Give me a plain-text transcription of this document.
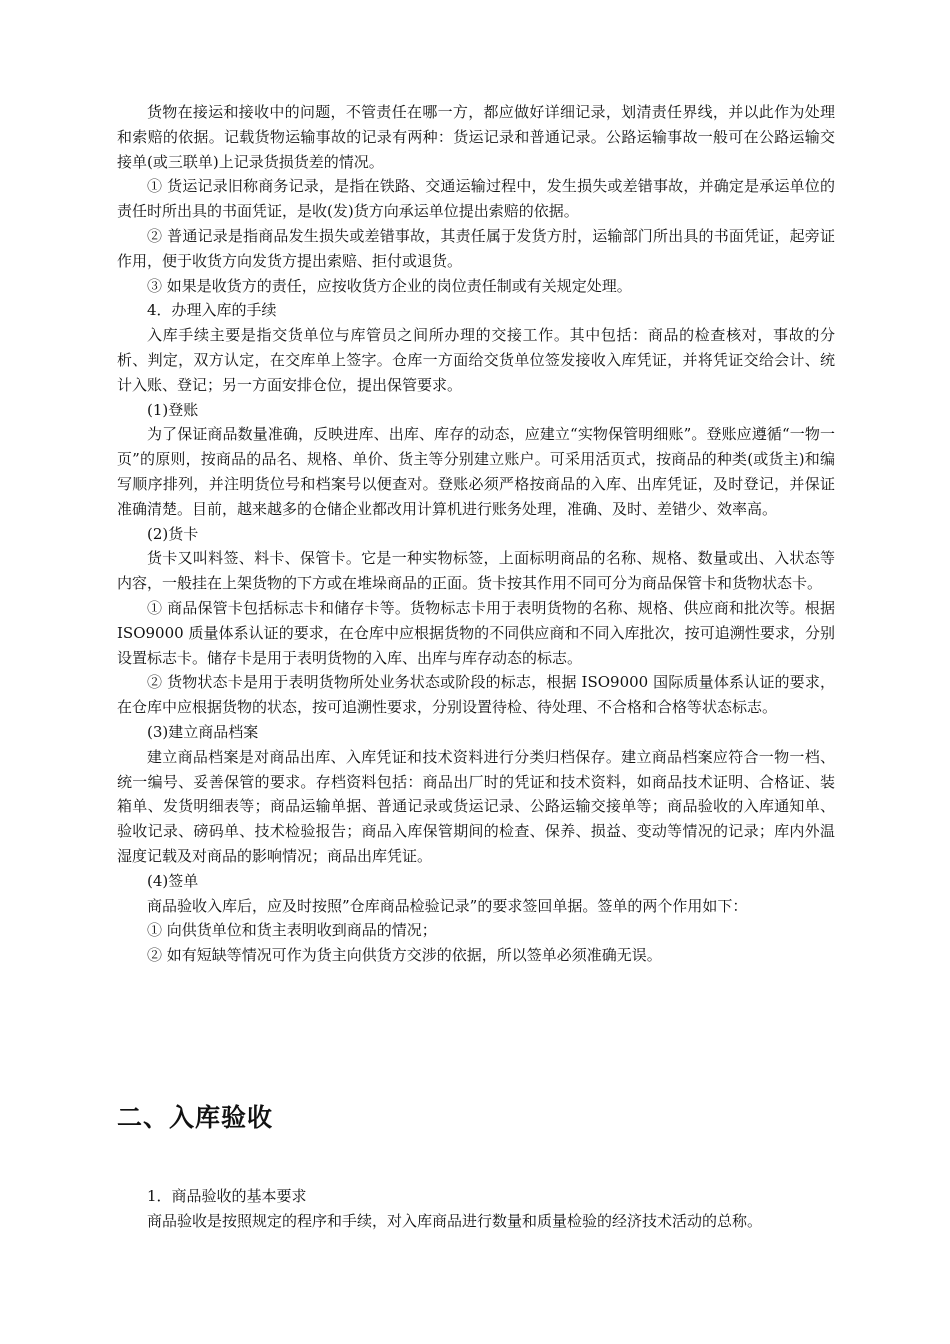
货物在接运和接收中的问题，不管责任在哪一方，都应做好详细记录，划清责任界线，并以此作为处理和索赔的依据。记载货物运输事故的记录有两种：货运记录和普通记录。公路运输事故一般可在公路运输交接单(或三联单)上记录货损货差的情况。

① 货运记录旧称商务记录，是指在铁路、交通运输过程中，发生损失或差错事故，并确定是承运单位的责任时所出具的书面凭证，是收(发)货方向承运单位提出索赔的依据。

② 普通记录是指商品发生损失或差错事故，其责任属于发货方肘，运输部门所出具的书面凭证，起旁证作用，便于收货方向发货方提出索赔、拒付或退货。

③ 如果是收货方的责任，应按收货方企业的岗位责任制或有关规定处理。

4．办理入库的手续

入库手续主要是指交货单位与库管员之间所办理的交接工作。其中包括：商品的检查核对，事故的分析、判定，双方认定，在交库单上签字。仓库一方面给交货单位签发接收入库凭证，并将凭证交给会计、统计入账、登记；另一方面安排仓位，提出保管要求。

(1)登账

为了保证商品数量准确，反映进库、出库、库存的动态，应建立“实物保管明细账”。登账应遵循“一物一页”的原则，按商品的品名、规格、单价、货主等分别建立账户。可采用活页式，按商品的种类(或货主)和编写顺序排列，并注明货位号和档案号以便查对。登账必须严格按商品的入库、出库凭证，及时登记，并保证准确清楚。目前，越来越多的仓储企业都改用计算机进行账务处理，准确、及时、差错少、效率高。

(2)货卡

货卡又叫料签、料卡、保管卡。它是一种实物标签，上面标明商品的名称、规格、数量或出、入状态等内容，一般挂在上架货物的下方或在堆垛商品的正面。货卡按其作用不同可分为商品保管卡和货物状态卡。

① 商品保管卡包括标志卡和储存卡等。货物标志卡用于表明货物的名称、规格、供应商和批次等。根据 ISO9000 质量体系认证的要求，在仓库中应根据货物的不同供应商和不同入库批次，按可追溯性要求，分别设置标志卡。储存卡是用于表明货物的入库、出库与库存动态的标志。

② 货物状态卡是用于表明货物所处业务状态或阶段的标志，根据 ISO9000 国际质量体系认证的要求，在仓库中应根据货物的状态，按可追溯性要求，分别设置待检、待处理、不合格和合格等状态标志。

(3)建立商品档案

建立商品档案是对商品出库、入库凭证和技术资料进行分类归档保存。建立商品档案应符合一物一档、统一编号、妥善保管的要求。存档资料包括：商品出厂时的凭证和技术资料，如商品技术证明、合格证、装箱单、发货明细表等；商品运输单据、普通记录或货运记录、公路运输交接单等；商品验收的入库通知单、验收记录、磅码单、技术检验报告；商品入库保管期间的检查、保养、损益、变动等情况的记录；库内外温湿度记载及对商品的影响情况；商品出库凭证。

(4)签单

商品验收入库后，应及时按照”仓库商品检验记录”的要求签回单据。签单的两个作用如下：

① 向供货单位和货主表明收到商品的情况；

② 如有短缺等情况可作为货主向供货方交涉的依据，所以签单必须准确无误。

二、入库验收

1．商品验收的基本要求

商品验收是按照规定的程序和手续，对入库商品进行数量和质量检验的经济技术活动的总称。
